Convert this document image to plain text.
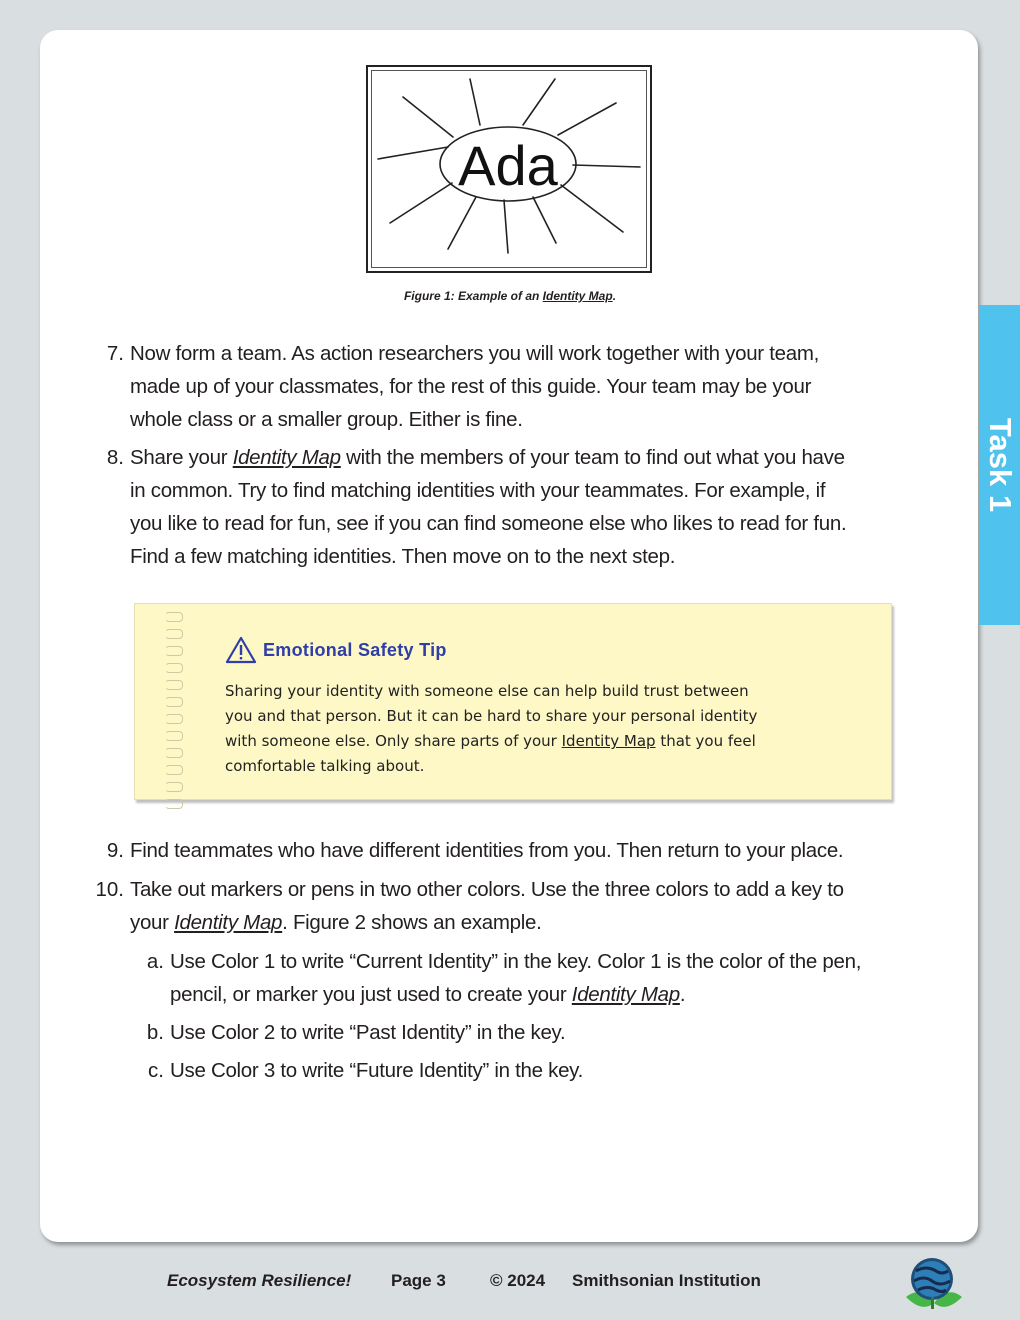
Task 1
Ada
Figure 1: Example of an Identity Map.
7. Now form a team. As action researchers you will work together with your team,
made up of your classmates, for the rest of this guide. Your team may be your
whole class or a smaller group. Either is fine.
8. Share your Identity Map with the members of your team to find out what you have
in common. Try to find matching identities with your teammates. For example, if
you like to read for fun, see if you can find someone else who likes to read for fun.
Find a few matching identities. Then move on to the next step.
Emotional Safety Tip
Sharing your identity with someone else can help build trust between
you and that person. But it can be hard to share your personal identity
with someone else. Only share parts of your Identity Map that you feel
comfortable talking about.
9. Find teammates who have different identities from you. Then return to your place.
10. Take out markers or pens in two other colors. Use the three colors to add a key to
your Identity Map. Figure 2 shows an example.
a. Use Color 1 to write “Current Identity” in the key. Color 1 is the color of the pen,
pencil, or marker you just used to create your Identity Map.
b. Use Color 2 to write “Past Identity” in the key.
c. Use Color 3 to write “Future Identity” in the key.
Ecosystem Resilience! Page 3	© 2024 Smithsonian Institution
